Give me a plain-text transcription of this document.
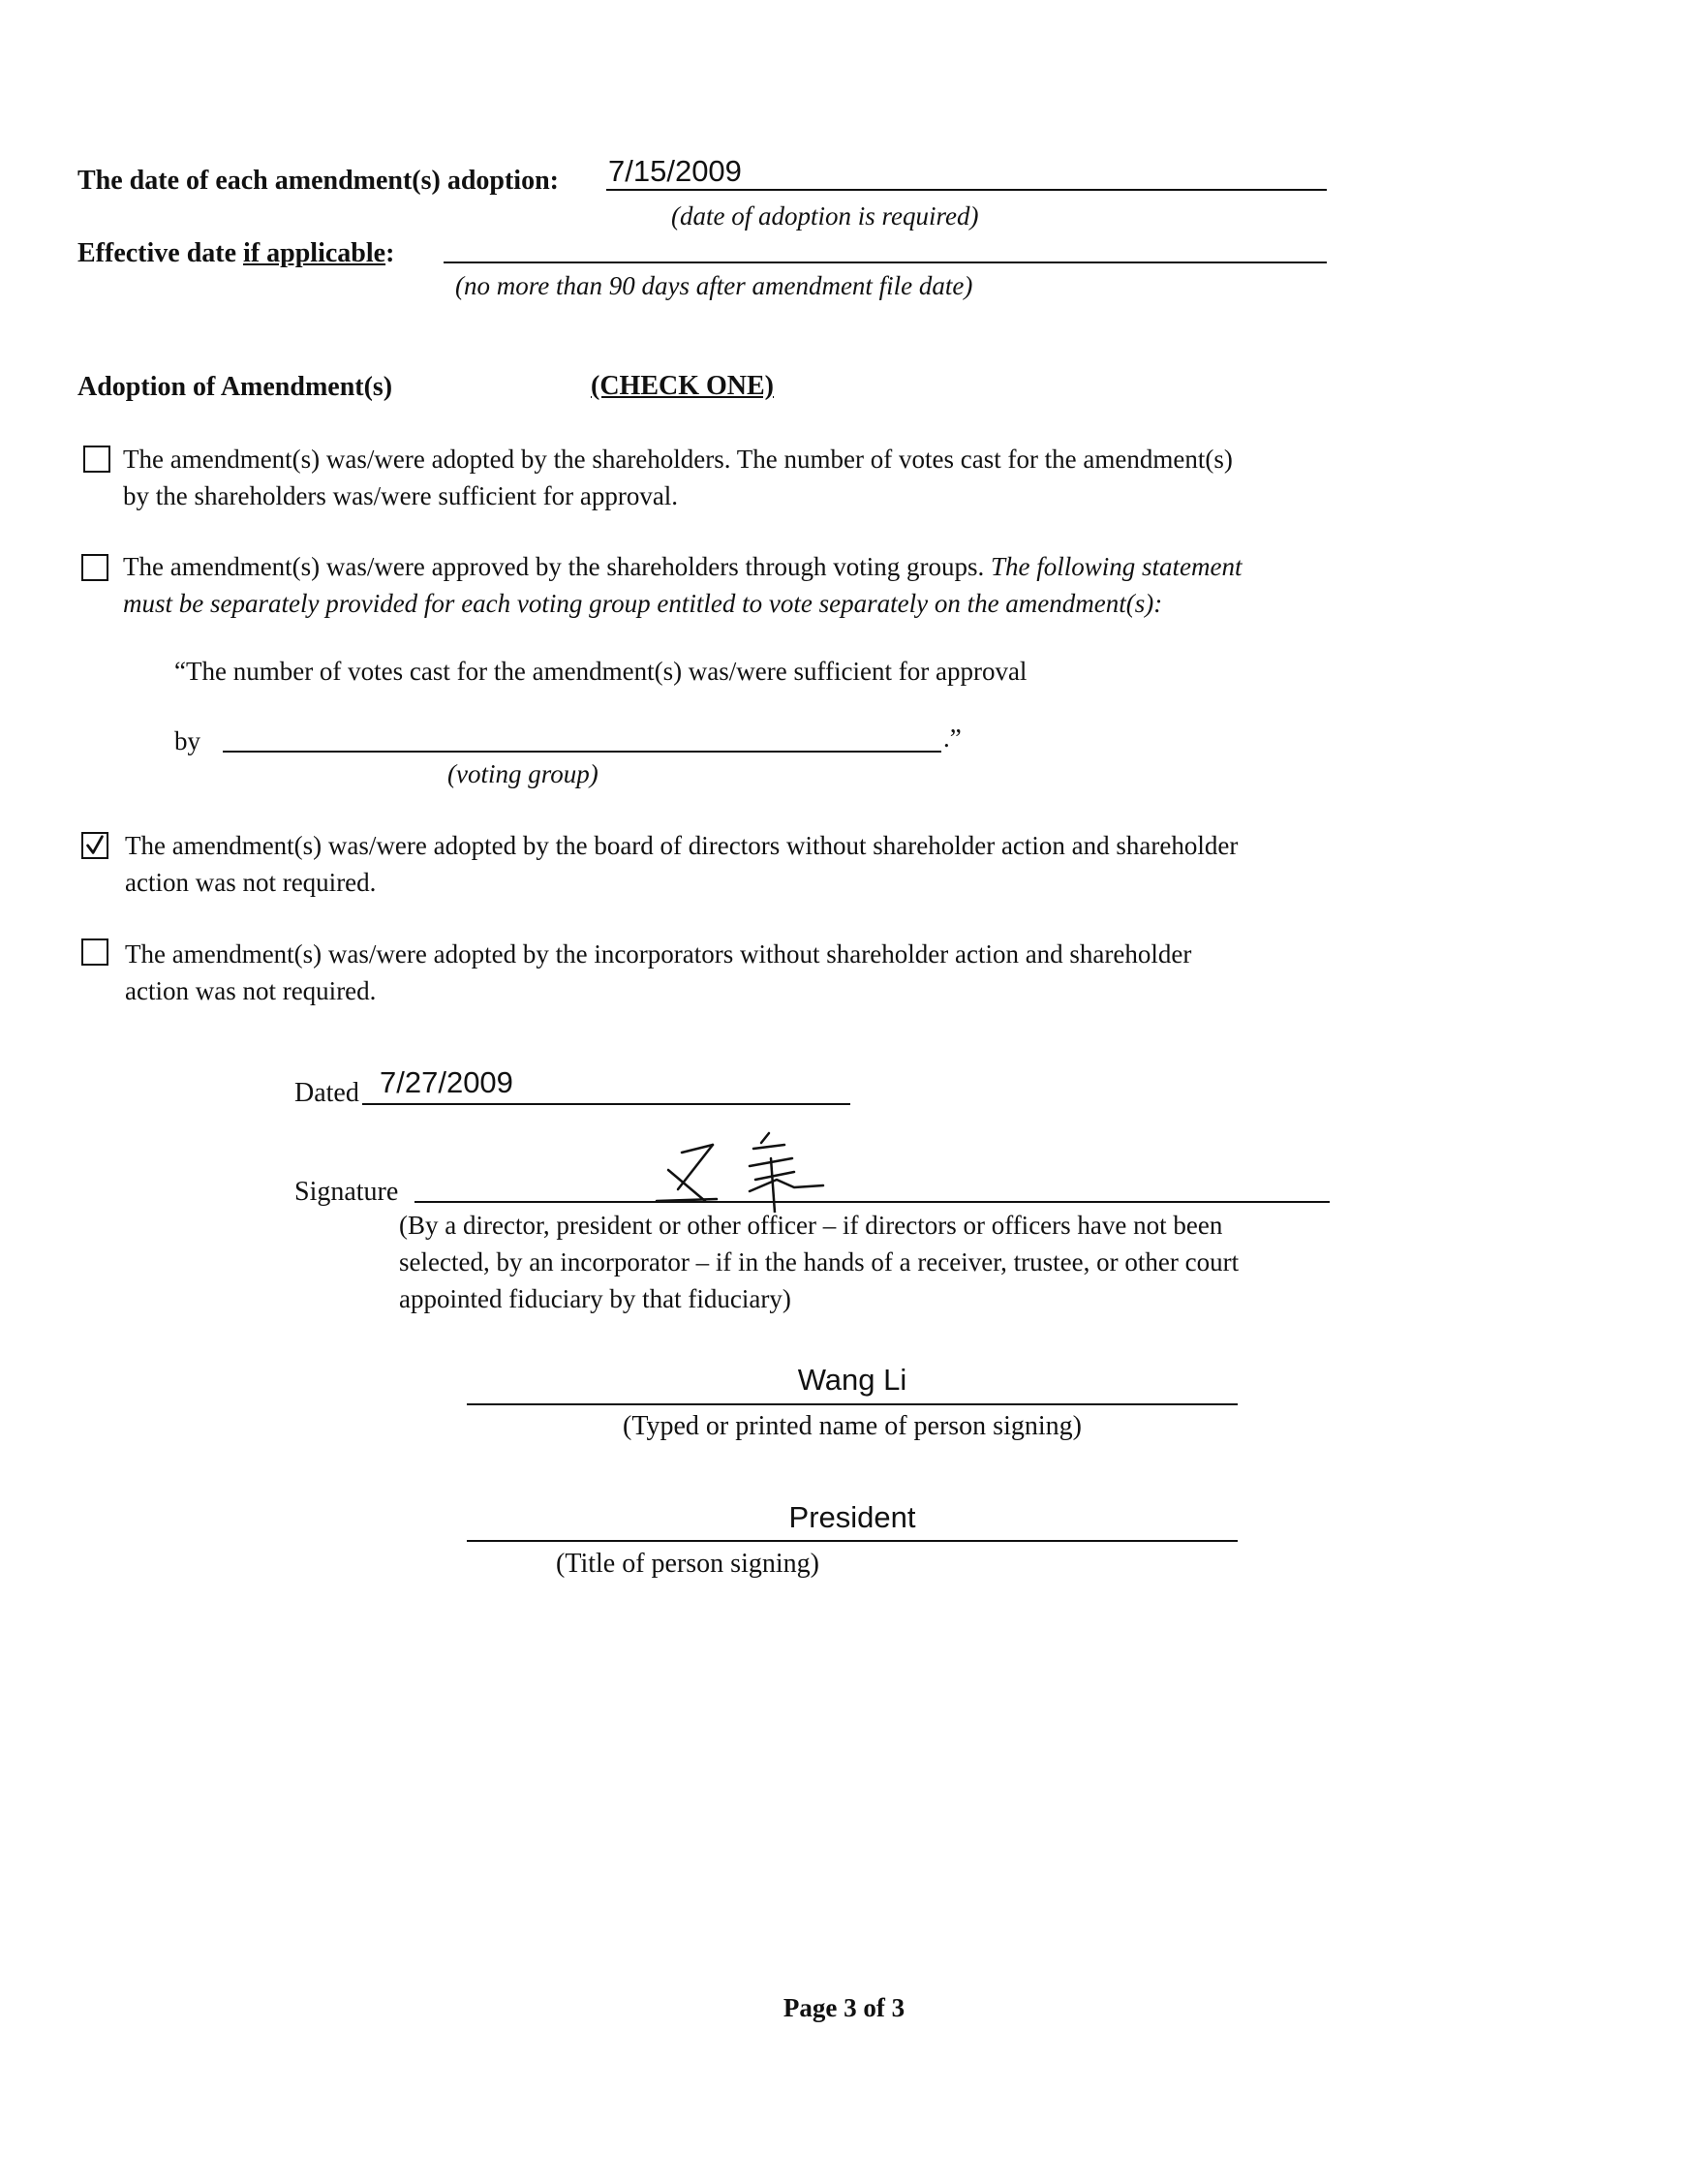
The date of each amendment(s) adoption: 7/15/2009
(date of adoption is required)
Effective date if applicable:
(no more than 90 days after amendment file date)
Adoption of Amendment(s)	(CHECK ONE)
The amendment(s) was/were adopted by the shareholders. The number of votes cast for the amendment(s)
by the shareholders was/were sufficient for approval.
The amendment(s) was/were approved by the shareholders through voting groups. The following statement
must be separately provided for each voting group entitled to vote separately on the amendment(s):
“The number of votes cast for the amendment(s) was/were sufficient for approval
by	.”
(voting group)
The amendment(s) was/were adopted by the board of directors without shareholder action and shareholder
action was not required.
The amendment(s) was/were adopted by the incorporators without shareholder action and shareholder
action was not required.
Dated 7/27/2009
Signature
(By a director, president or other officer – if directors or officers have not been
selected, by an incorporator – if in the hands of a receiver, trustee, or other court
appointed fiduciary by that fiduciary)
Wang Li
(Typed or printed name of person signing)
President
(Title of person signing)
Page 3 of 3
